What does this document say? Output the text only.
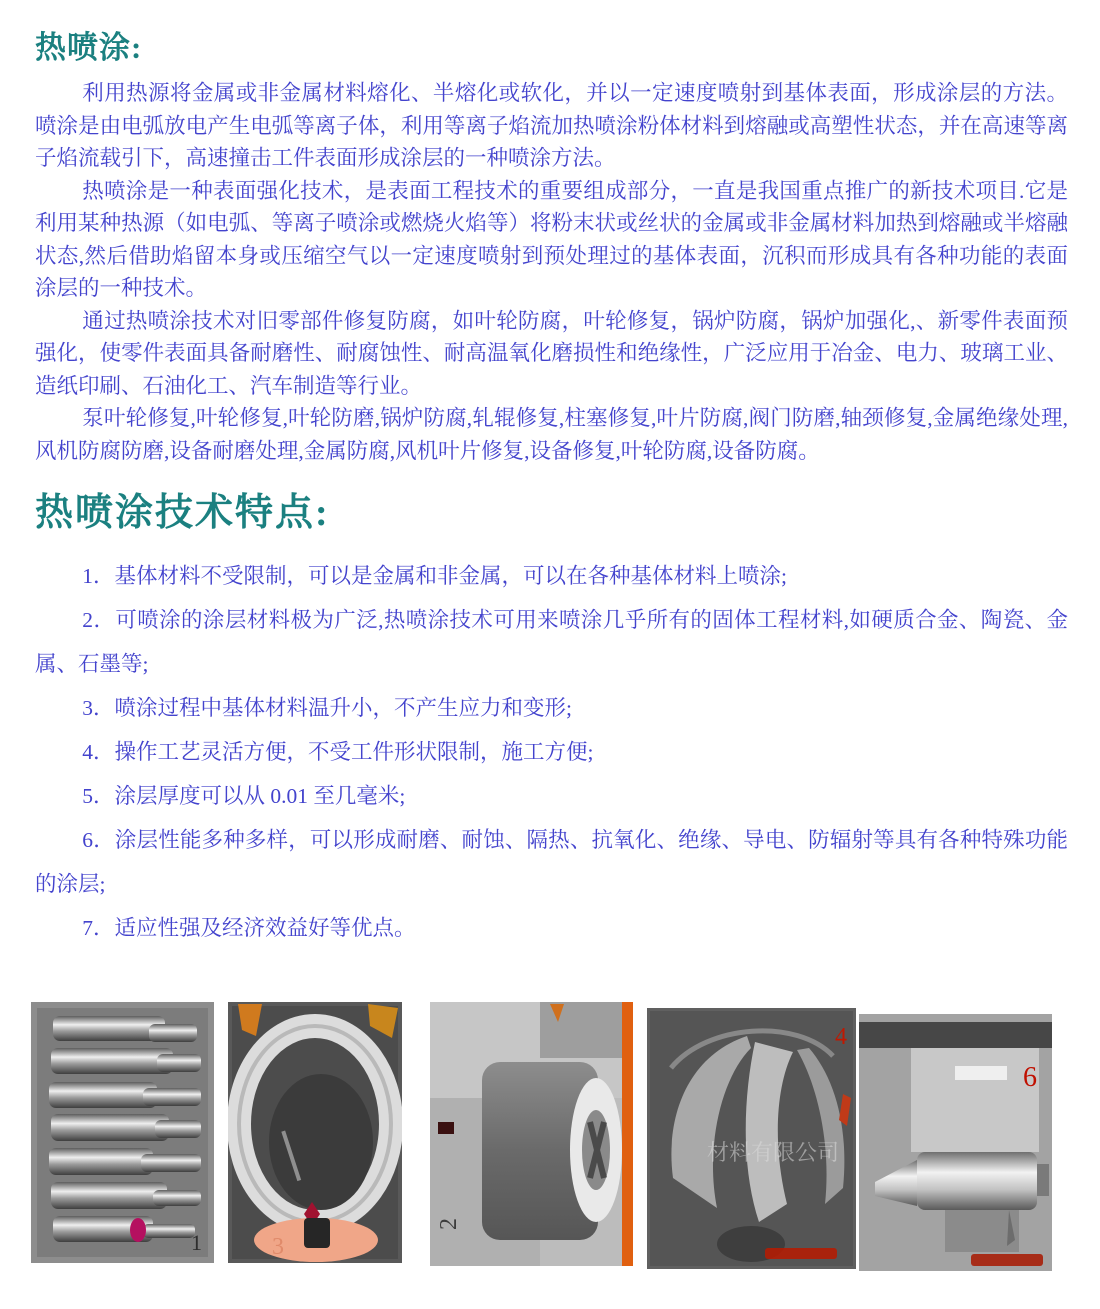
热喷涂:

利用热源将金属或非金属材料熔化、半熔化或软化，并以一定速度喷射到基体表面，形成涂层的方法。喷涂是由电弧放电产生电弧等离子体，利用等离子焰流加热喷涂粉体材料到熔融或高塑性状态，并在高速等离子焰流载引下，高速撞击工件表面形成涂层的一种喷涂方法。

热喷涂是一种表面强化技术，是表面工程技术的重要组成部分，一直是我国重点推广的新技术项目.它是利用某种热源（如电弧、等离子喷涂或燃烧火焰等）将粉末状或丝状的金属或非金属材料加热到熔融或半熔融状态,然后借助焰留本身或压缩空气以一定速度喷射到预处理过的基体表面，沉积而形成具有各种功能的表面涂层的一种技术。

通过热喷涂技术对旧零部件修复防腐，如叶轮防腐，叶轮修复，锅炉防腐，锅炉加强化,、新零件表面预强化，使零件表面具备耐磨性、耐腐蚀性、耐高温氧化磨损性和绝缘性，广泛应用于冶金、电力、玻璃工业、造纸印刷、石油化工、汽车制造等行业。

泵叶轮修复,叶轮修复,叶轮防磨,锅炉防腐,轧辊修复,柱塞修复,叶片防腐,阀门防磨,轴颈修复,金属绝缘处理,风机防腐防磨,设备耐磨处理,金属防腐,风机叶片修复,设备修复,叶轮防腐,设备防腐。

热喷涂技术特点:

1．基体材料不受限制，可以是金属和非金属，可以在各种基体材料上喷涂;

2．可喷涂的涂层材料极为广泛,热喷涂技术可用来喷涂几乎所有的固体工程材料,如硬质合金、陶瓷、金属、石墨等;

3．喷涂过程中基体材料温升小，不产生应力和变形;

4．操作工艺灵活方便，不受工件形状限制，施工方便;

5．涂层厚度可以从 0.01 至几毫米;

6．涂层性能多种多样，可以形成耐磨、耐蚀、隔热、抗氧化、绝缘、导电、防辐射等具有各种特殊功能的涂层;

7．适应性强及经济效益好等优点。

1	3
2
材料有限公司
4
6
